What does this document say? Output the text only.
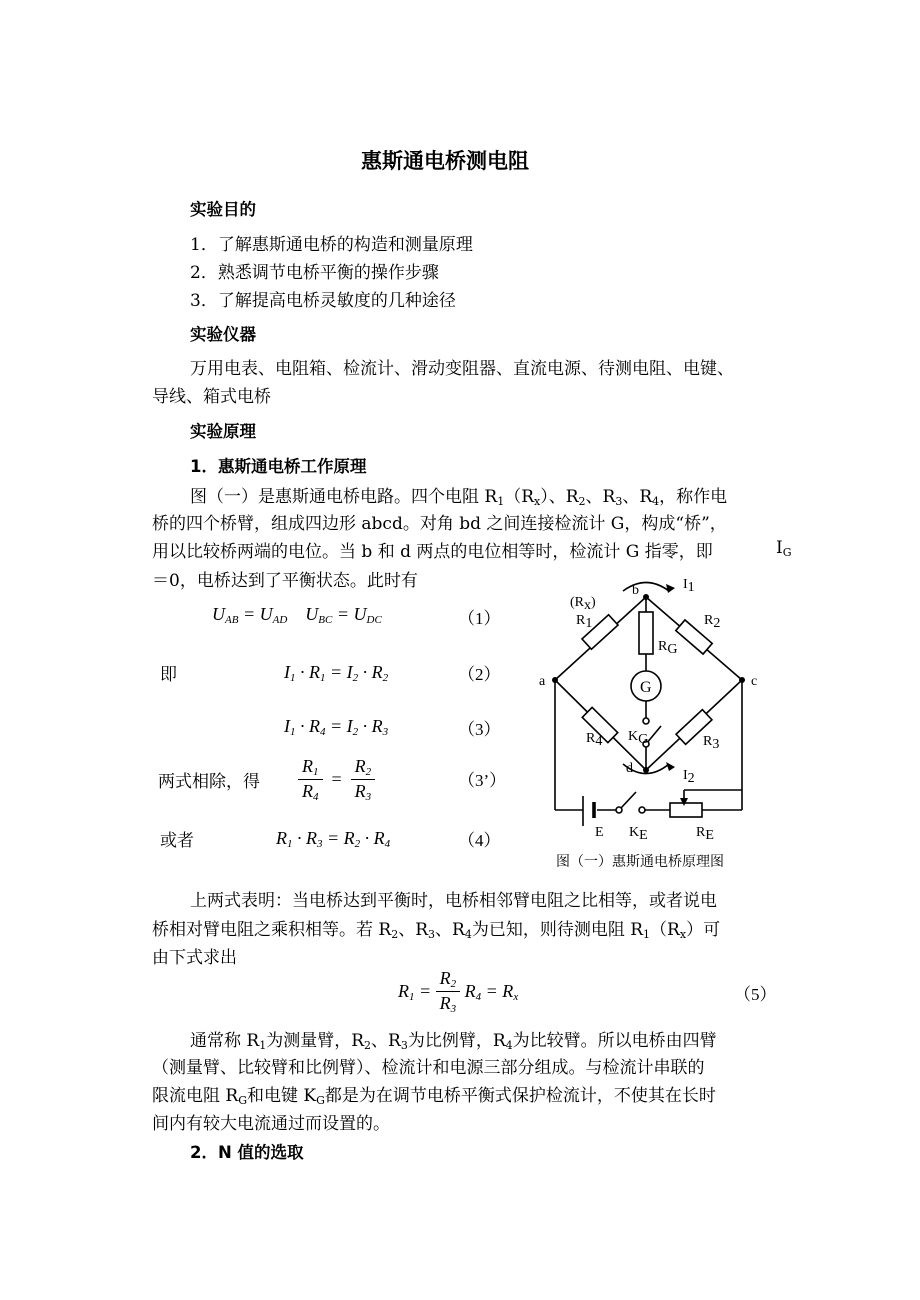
惠斯通电桥测电阻
实验目的
1．了解惠斯通电桥的构造和测量原理
2．熟悉调节电桥平衡的操作步骤
3．了解提高电桥灵敏度的几种途径
实验仪器
万用电表、电阻箱、检流计、滑动变阻器、直流电源、待测电阻、电键、
导线、箱式电桥
实验原理
1．惠斯通电桥工作原理
图（一）是惠斯通电桥电路。四个电阻 $R_1(R_x)$、$R_2$、$R_3$、$R_4$，称作电
桥的四个桥臂，组成四边形 abcd。对角 bd 之间连接检流计 G，构成“桥”，
用以比较桥两端的电位。当 b 和 d 两点的电位相等时，检流计 G 指零，即	$I_G$
＝0，电桥达到了平衡状态。此时有
$U_{AB} = U_{AD}$    $U_{BC} = U_{DC}$	（1）
即	$I_1 \cdot R_1 = I_2 \cdot R_2$	（2）
$I_1 \cdot R_4 = I_2 \cdot R_3$	（3）
两式相除，得 $\frac{R_1}{R_4} = \frac{R_2}{R_3}$	（3’）
或者	$R_1 \cdot R_3 = R_2 \cdot R_4$	（4）
b
a	c
d
(Rx)
R1	R2
R3
R4
RG
G
KG
I1
I2
E KE	RE
图（一）惠斯通电桥原理图
上两式表明：当电桥达到平衡时，电桥相邻臂电阻之比相等，或者说电
桥相对臂电阻之乘积相等。若 $R_2$、$R_3$、$R_4$为已知，则待测电阻 $R_1(R_x)$可
由下式求出
$R_1 = \frac{R_2}{R_3} R_4 = R_x$	（5）
通常称 $R_1$为测量臂，$R_2$、$R_3$为比例臂，$R_4$为比较臂。所以电桥由四臂
（测量臂、比较臂和比例臂）、检流计和电源三部分组成。与检流计串联的
限流电阻 $R_G$和电键 $K_G$都是为在调节电桥平衡式保护检流计，不使其在长时
间内有较大电流通过而设置的。
2．N 值的选取
